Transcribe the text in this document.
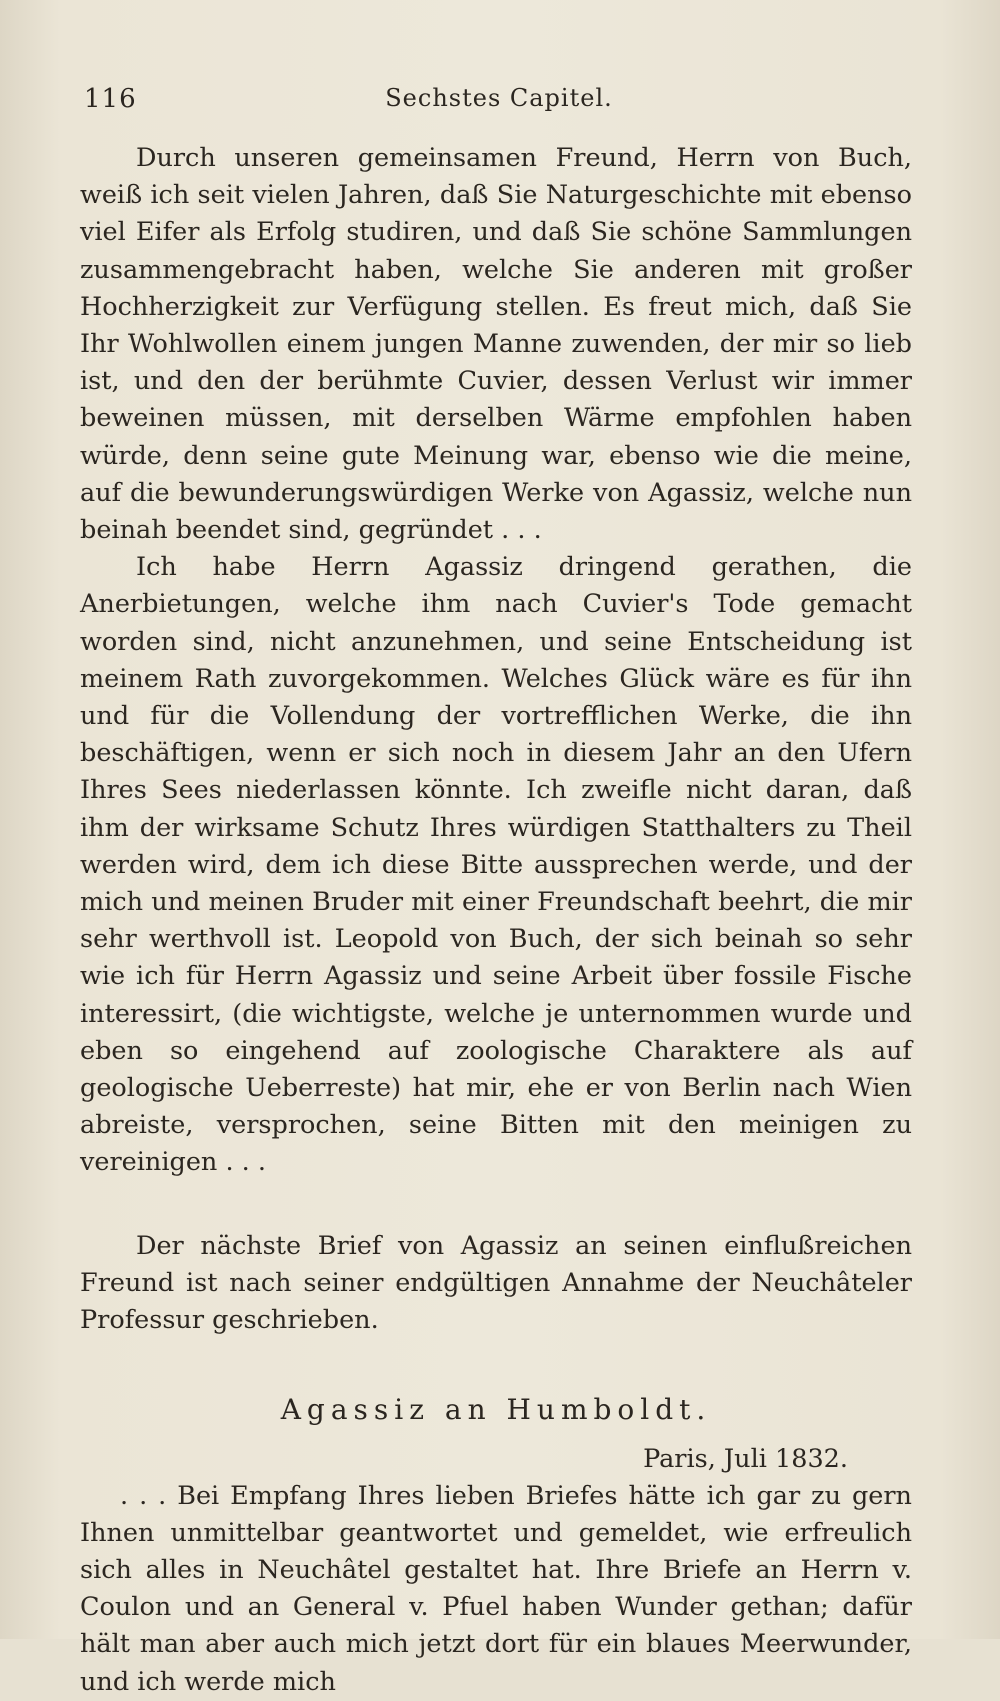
116	Sechstes Capitel.

Durch unseren gemeinsamen Freund, Herrn von Buch, weiß ich seit vielen Jahren, daß Sie Naturgeschichte mit ebenso viel Eifer als Erfolg studiren, und daß Sie schöne Sammlungen zusammengebracht haben, welche Sie anderen mit großer Hochherzigkeit zur Verfügung stellen. Es freut mich, daß Sie Ihr Wohlwollen einem jungen Manne zuwenden, der mir so lieb ist, und den der berühmte Cuvier, dessen Verlust wir immer beweinen müssen, mit derselben Wärme empfohlen haben würde, denn seine gute Meinung war, ebenso wie die meine, auf die bewunderungswürdigen Werke von Agassiz, welche nun beinah beendet sind, gegründet . . .

Ich habe Herrn Agassiz dringend gerathen, die Anerbietungen, welche ihm nach Cuvier's Tode gemacht worden sind, nicht anzunehmen, und seine Entscheidung ist meinem Rath zuvorgekommen. Welches Glück wäre es für ihn und für die Vollendung der vortrefflichen Werke, die ihn beschäftigen, wenn er sich noch in diesem Jahr an den Ufern Ihres Sees niederlassen könnte. Ich zweifle nicht daran, daß ihm der wirksame Schutz Ihres würdigen Statthalters zu Theil werden wird, dem ich diese Bitte aussprechen werde, und der mich und meinen Bruder mit einer Freundschaft beehrt, die mir sehr werthvoll ist. Leopold von Buch, der sich beinah so sehr wie ich für Herrn Agassiz und seine Arbeit über fossile Fische interessirt, (die wichtigste, welche je unternommen wurde und eben so eingehend auf zoologische Charaktere als auf geologische Ueberreste) hat mir, ehe er von Berlin nach Wien abreiste, versprochen, seine Bitten mit den meinigen zu vereinigen . . .

Der nächste Brief von Agassiz an seinen einflußreichen Freund ist nach seiner endgültigen Annahme der Neuchâteler Professur geschrieben.

Agassiz an Humboldt.
Paris, Juli 1832.

. . . Bei Empfang Ihres lieben Briefes hätte ich gar zu gern Ihnen unmittelbar geantwortet und gemeldet, wie erfreulich sich alles in Neuchâtel gestaltet hat. Ihre Briefe an Herrn v. Coulon und an General v. Pfuel haben Wunder gethan; dafür hält man aber auch mich jetzt dort für ein blaues Meerwunder, und ich werde mich
